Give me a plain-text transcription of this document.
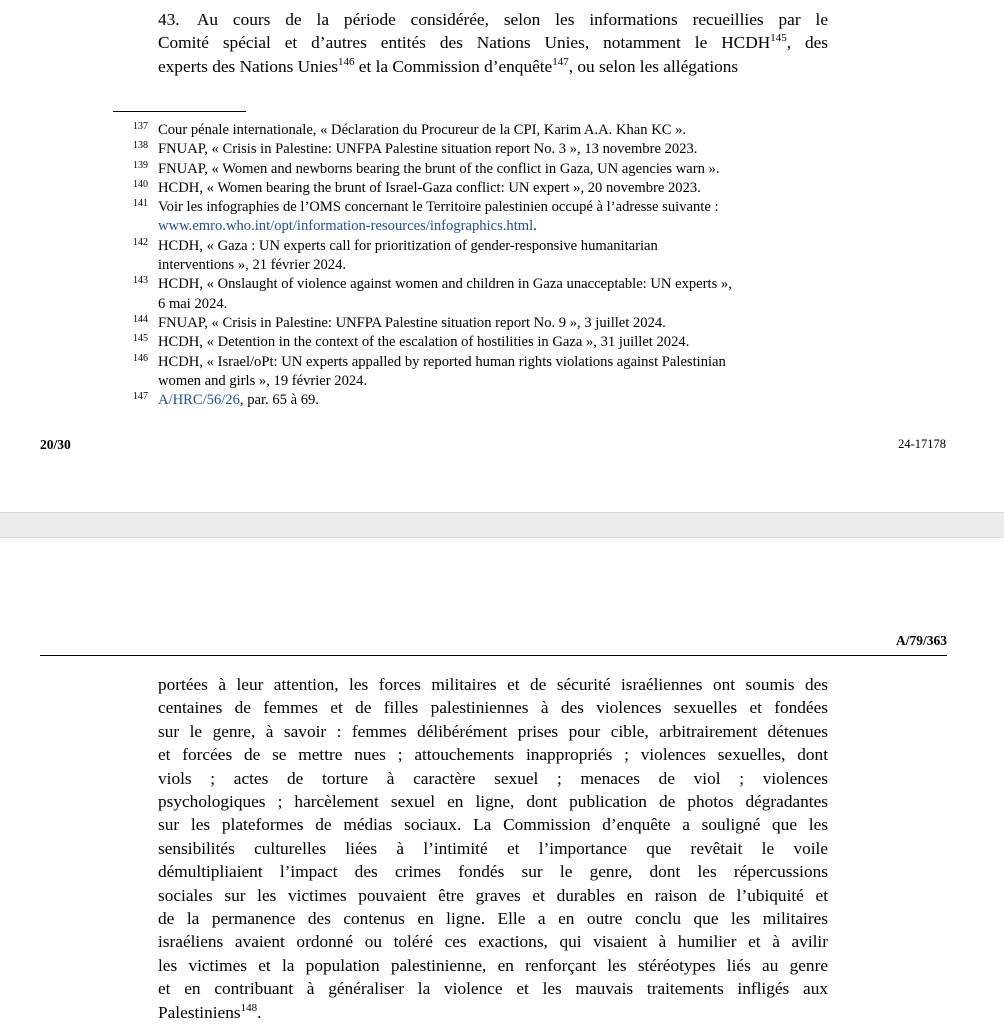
43. Au cours de la période considérée, selon les informations recueillies par le
Comité spécial et d’autres entités des Nations Unies, notamment le HCDH$^{145}$, des
experts des Nations Unies$^{146}$ et la Commission d’enquête$^{147}$, ou selon les allégations
137 Cour pénale internationale, « Déclaration du Procureur de la CPI, Karim A.A. Khan KC ».
138 FNUAP, « Crisis in Palestine: UNFPA Palestine situation report No. 3 », 13 novembre 2023.
139 FNUAP, « Women and newborns bearing the brunt of the conflict in Gaza, UN agencies warn ».
140 HCDH, « Women bearing the brunt of Israel-Gaza conflict: UN expert », 20 novembre 2023.
141 Voir les infographies de l’OMS concernant le Territoire palestinien occupé à l’adresse suivante :
www.emro.who.int/opt/information-resources/infographics.html.
142 HCDH, « Gaza : UN experts call for prioritization of gender-responsive humanitarian
interventions », 21 février 2024.
143 HCDH, « Onslaught of violence against women and children in Gaza unacceptable: UN experts »,
6 mai 2024.
144 FNUAP, « Crisis in Palestine: UNFPA Palestine situation report No. 9 », 3 juillet 2024.
145 HCDH, « Detention in the context of the escalation of hostilities in Gaza », 31 juillet 2024.
146 HCDH, « Israel/oPt: UN experts appalled by reported human rights violations against Palestinian
women and girls », 19 février 2024.
147 A/HRC/56/26, par. 65 à 69.
20/30	24-17178
A/79/363
portées à leur attention, les forces militaires et de sécurité israéliennes ont soumis des
centaines de femmes et de filles palestiniennes à des violences sexuelles et fondées
sur le genre, à savoir : femmes délibérément prises pour cible, arbitrairement détenues
et forcées de se mettre nues ; attouchements inappropriés ; violences sexuelles, dont
viols ; actes de torture à caractère sexuel ; menaces de viol ; violences
psychologiques ; harcèlement sexuel en ligne, dont publication de photos dégradantes
sur les plateformes de médias sociaux. La Commission d’enquête a souligné que les
sensibilités culturelles liées à l’intimité et l’importance que revêtait le voile
démultipliaient l’impact des crimes fondés sur le genre, dont les répercussions
sociales sur les victimes pouvaient être graves et durables en raison de l’ubiquité et
de la permanence des contenus en ligne. Elle a en outre conclu que les militaires
israéliens avaient ordonné ou toléré ces exactions, qui visaient à humilier et à avilir
les victimes et la population palestinienne, en renforçant les stéréotypes liés au genre
et en contribuant à généraliser la violence et les mauvais traitements infligés aux
Palestiniens$^{148}$.
